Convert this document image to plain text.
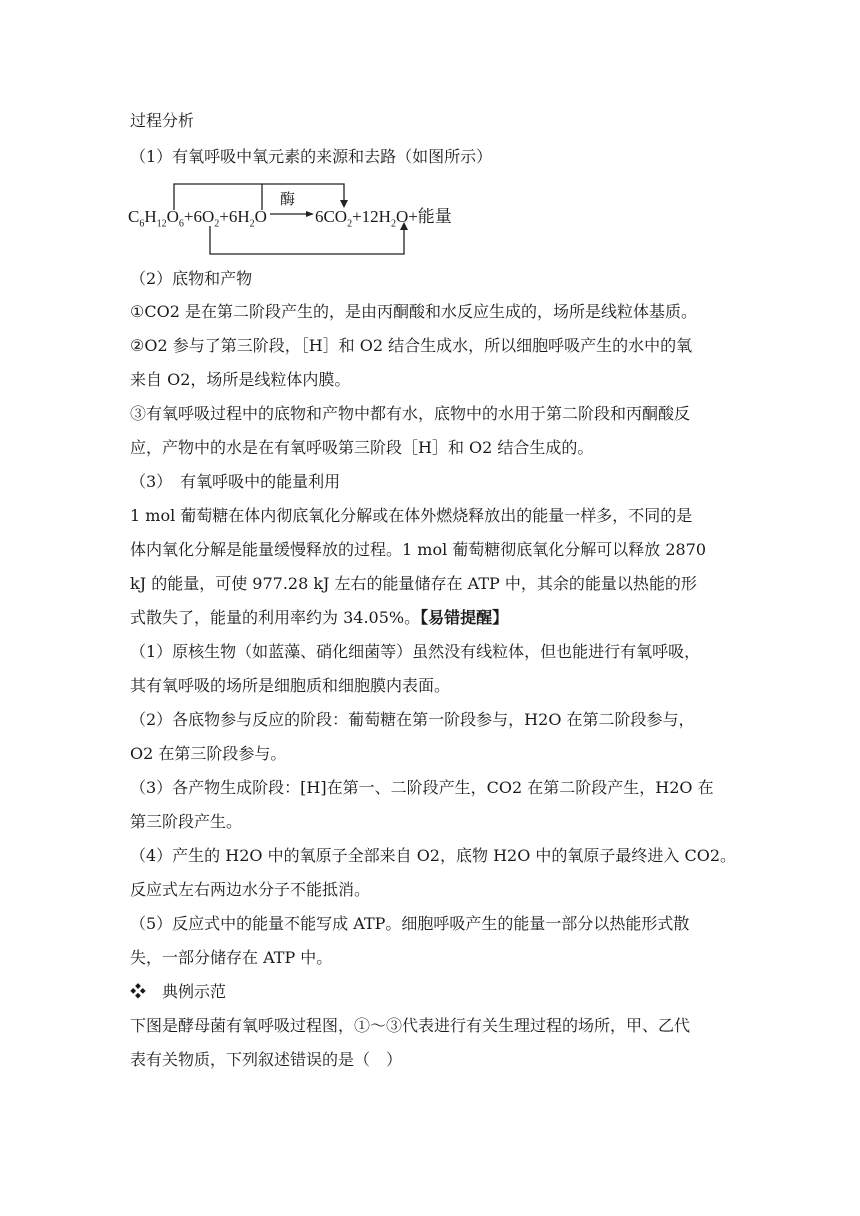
过程分析
（1）有氧呼吸中氧元素的来源和去路（如图所示）
酶
$C_6H_{12}O_6+6O_2+6H_2O$	$6CO_2+12H_2O+$能量
（2）底物和产物
①CO2 是在第二阶段产生的，是由丙酮酸和水反应生成的，场所是线粒体基质。
②O2 参与了第三阶段，［H］和 O2 结合生成水，所以细胞呼吸产生的水中的氧
来自 O2，场所是线粒体内膜。
③有氧呼吸过程中的底物和产物中都有水，底物中的水用于第二阶段和丙酮酸反
应，产物中的水是在有氧呼吸第三阶段［H］和 O2 结合生成的。
（3）　有氧呼吸中的能量利用
1 mol 葡萄糖在体内彻底氧化分解或在体外燃烧释放出的能量一样多，不同的是
体内氧化分解是能量缓慢释放的过程。1 mol 葡萄糖彻底氧化分解可以释放 2870
kJ 的能量，可使 977.28 kJ 左右的能量储存在 ATP 中，其余的能量以热能的形
式散失了，能量的利用率约为 34.05%。【易错提醒】
（1）原核生物（如蓝藻、硝化细菌等）虽然没有线粒体，但也能进行有氧呼吸，
其有氧呼吸的场所是细胞质和细胞膜内表面。
（2）各底物参与反应的阶段：葡萄糖在第一阶段参与，H2O 在第二阶段参与，
O2 在第三阶段参与。
（3）各产物生成阶段：[H]在第一、二阶段产生，CO2 在第二阶段产生，H2O 在
第三阶段产生。
（4）产生的 H2O 中的氧原子全部来自 O2，底物 H2O 中的氧原子最终进入 CO2。
反应式左右两边水分子不能抵消。
（5）反应式中的能量不能写成 ATP。细胞呼吸产生的能量一部分以热能形式散
失，一部分储存在 ATP 中。
❖　 典例示范
下图是酵母菌有氧呼吸过程图，①～③代表进行有关生理过程的场所，甲、乙代
表有关物质，下列叙述错误的是（　）
